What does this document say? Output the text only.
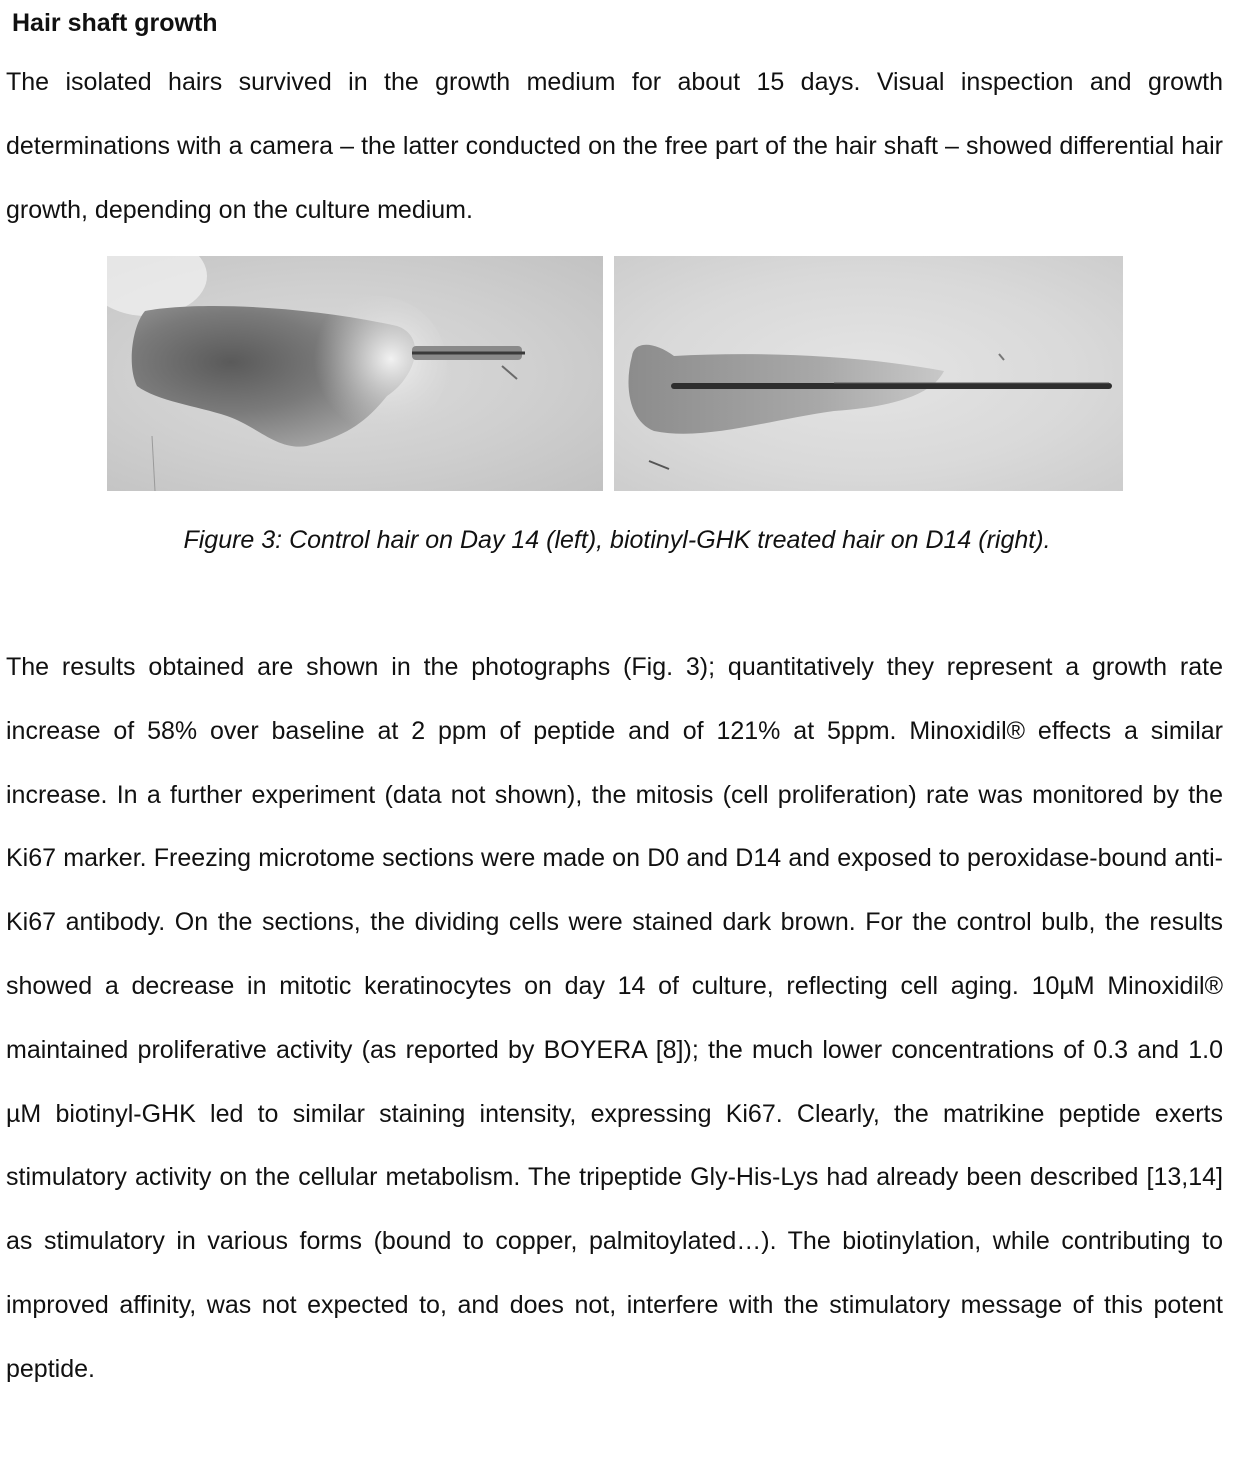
Hair shaft growth

The isolated hairs survived in the growth medium for about 15 days. Visual inspection and growth determinations with a camera – the latter conducted on the free part of the hair shaft – showed differential hair growth, depending on the culture medium.

Figure 3: Control hair on Day 14 (left), biotinyl-GHK treated hair on D14 (right).

The results obtained are shown in the photographs (Fig. 3); quantitatively they represent a growth rate increase of 58% over baseline at 2 ppm of peptide and of 121% at 5ppm. Minoxidil® effects a similar increase. In a further experiment (data not shown), the mitosis (cell proliferation) rate was monitored by the Ki67 marker. Freezing microtome sections were made on D0 and D14 and exposed to peroxidase-bound anti-Ki67 antibody. On the sections, the dividing cells were stained dark brown. For the control bulb, the results showed a decrease in mitotic keratinocytes on day 14 of culture, reflecting cell aging. 10µM Minoxidil® maintained proliferative activity (as reported by BOYERA [8]); the much lower concentrations of 0.3 and 1.0 µM biotinyl-GHK led to similar staining intensity, expressing Ki67. Clearly, the matrikine peptide exerts stimulatory activity on the cellular metabolism. The tripeptide Gly-His-Lys had already been described [13,14] as stimulatory in various forms (bound to copper, palmitoylated…). The biotinylation, while contributing to improved affinity, was not expected to, and does not, interfere with the stimulatory message of this potent peptide.
